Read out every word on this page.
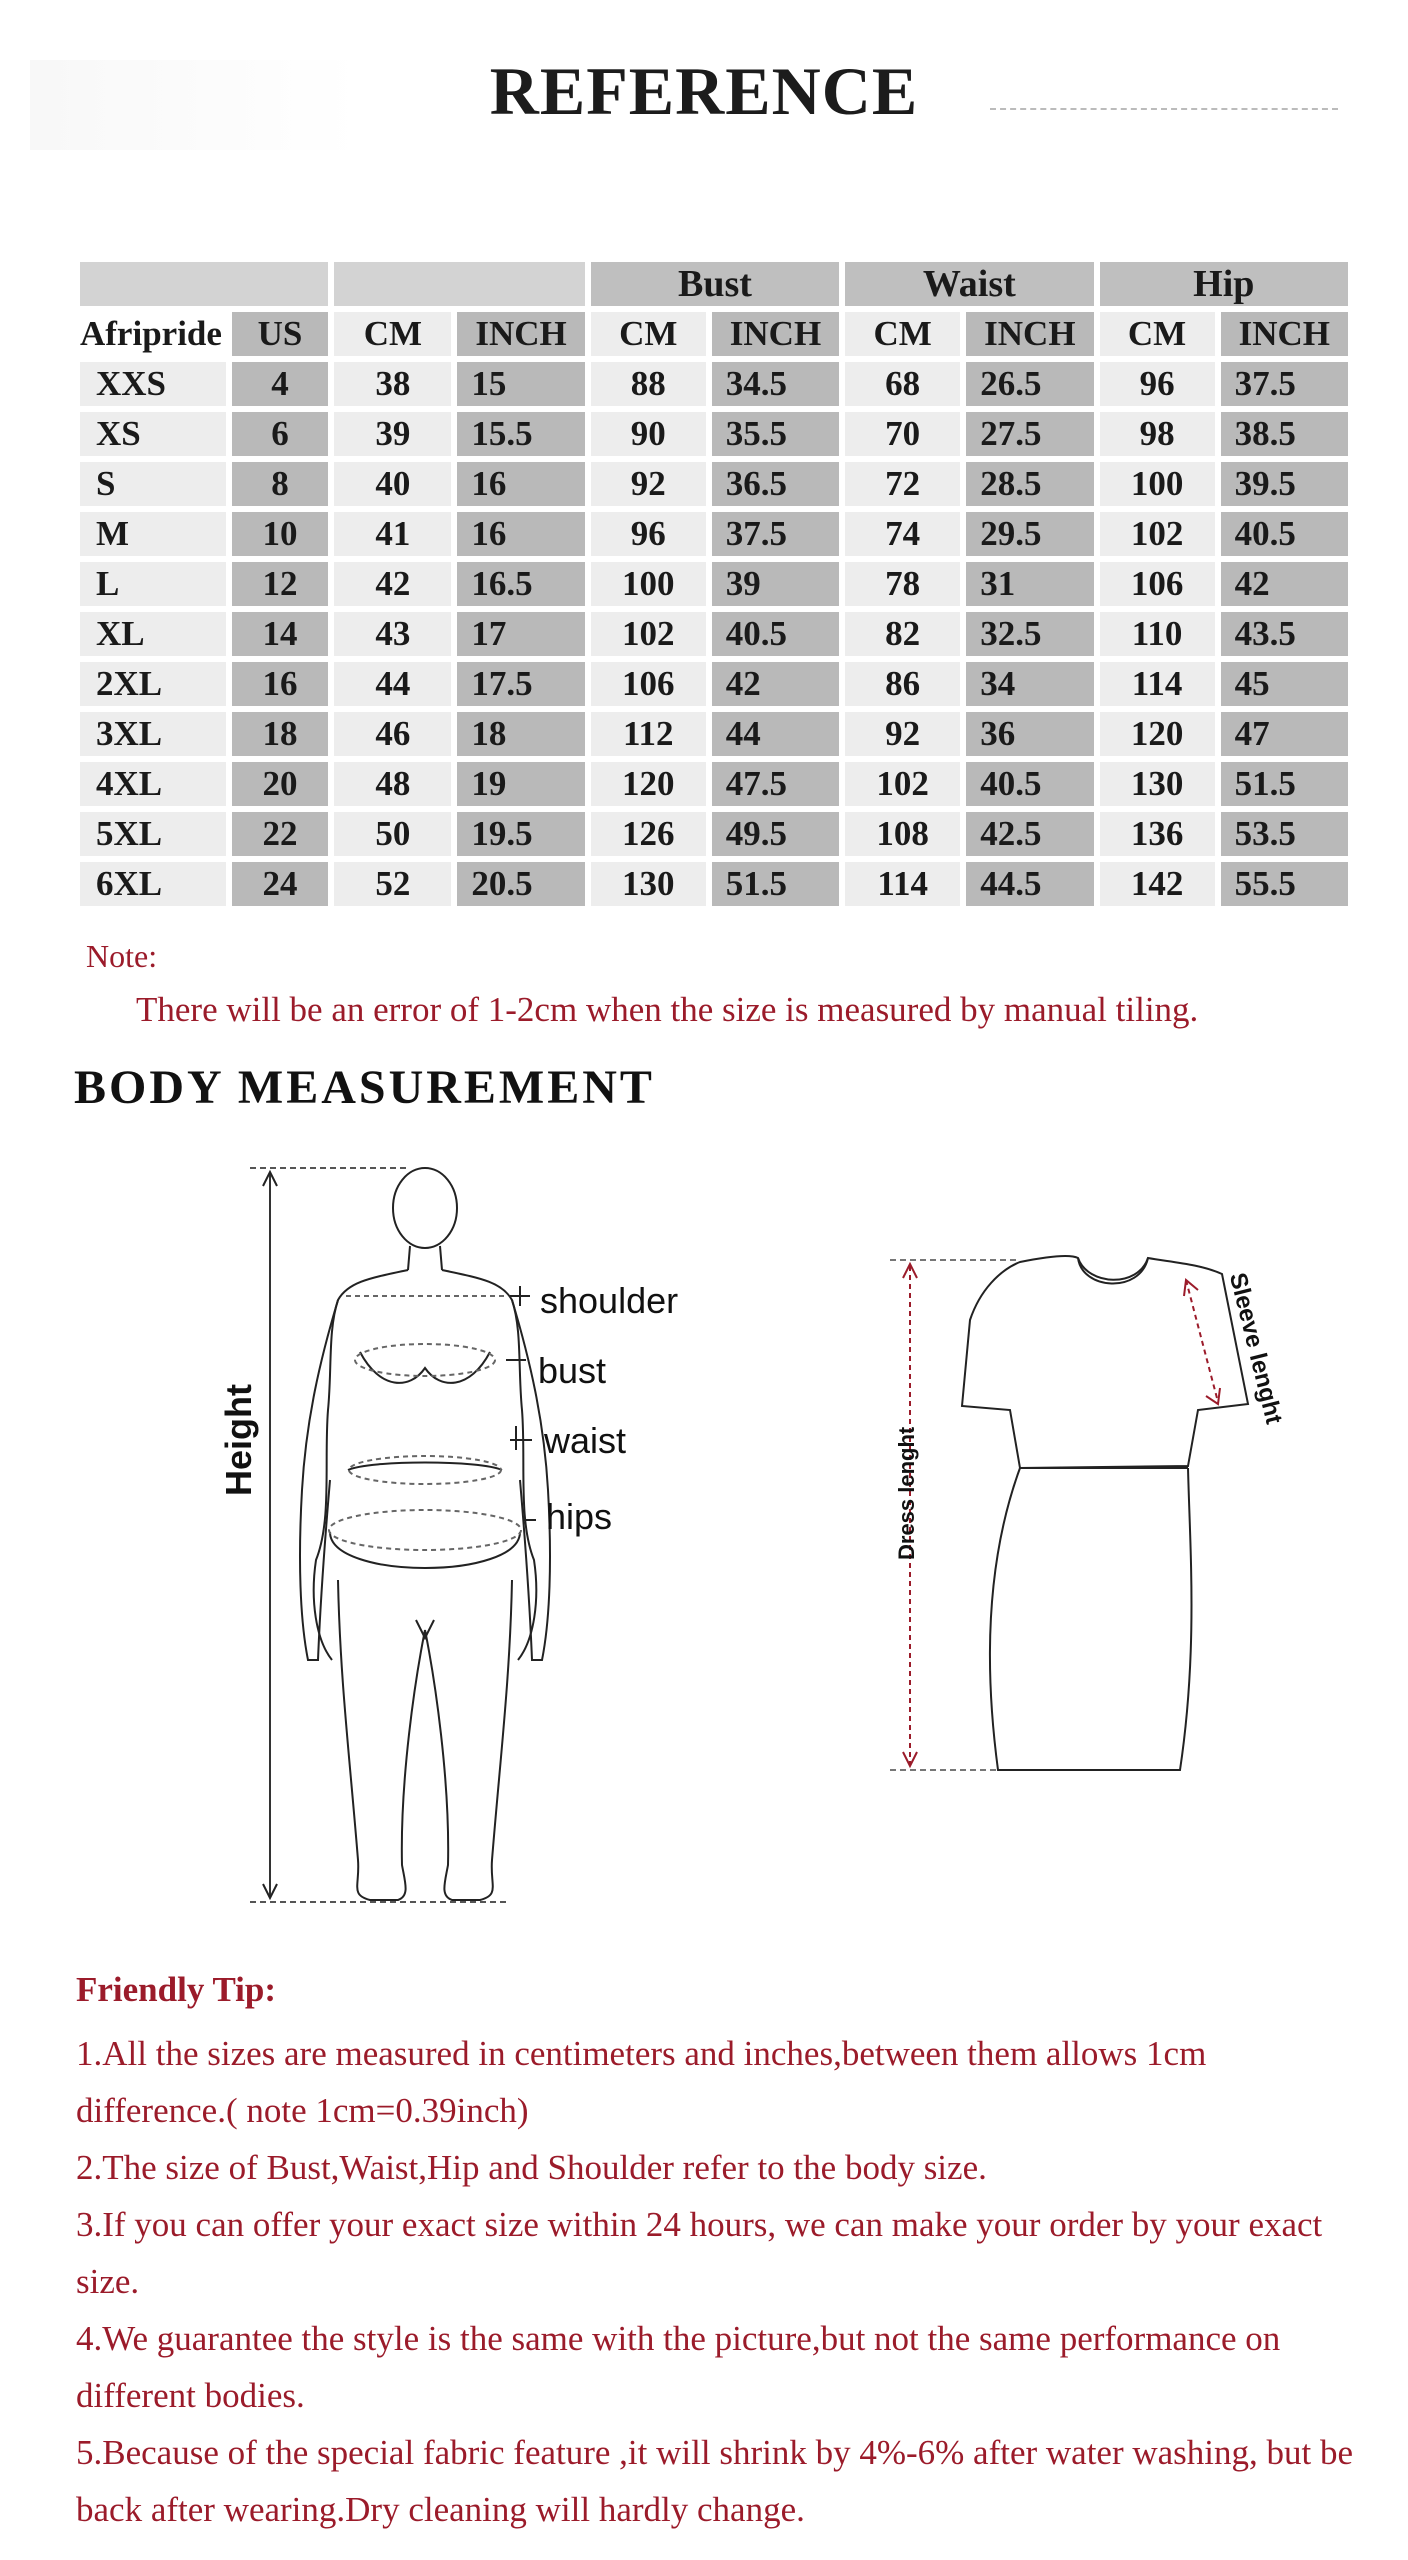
REFERENCE
				Bust		Waist		Hip	
Afripride	US	CM	INCH	CM	INCH	CM	INCH	CM	INCH
XXS	4	38	15	88	34.5	68	26.5	96	37.5
XS	6	39	15.5	90	35.5	70	27.5	98	38.5
S	8	40	16	92	36.5	72	28.5	100	39.5
M	10	41	16	96	37.5	74	29.5	102	40.5
L	12	42	16.5	100	39	78	31	106	42
XL	14	43	17	102	40.5	82	32.5	110	43.5
2XL	16	44	17.5	106	42	86	34	114	45
3XL	18	46	18	112	44	92	36	120	47
4XL	20	48	19	120	47.5	102	40.5	130	51.5
5XL	22	50	19.5	126	49.5	108	42.5	136	53.5
6XL	24	52	20.5	130	51.5	114	44.5	142	55.5
Note:
There will be an error of 1-2cm when the size is measured by manual tiling.
BODY MEASUREMENT
shoulder
bust
waist
hips
Height	Dress lenght
Sleeve lenght
Friendly Tip:

1.All the sizes are measured in centimeters and inches,between them allows 1cm difference.( note 1cm=0.39inch)

2.The size of Bust,Waist,Hip and Shoulder refer to the body size.

3.If you can offer your exact size within 24 hours, we can make your order by your exact size.

4.We guarantee the style is the same with the picture,but not the same performance on different bodies.

5.Because of the special fabric feature ,it will shrink by 4%-6% after water washing, but be back after wearing.Dry cleaning will hardly change.
